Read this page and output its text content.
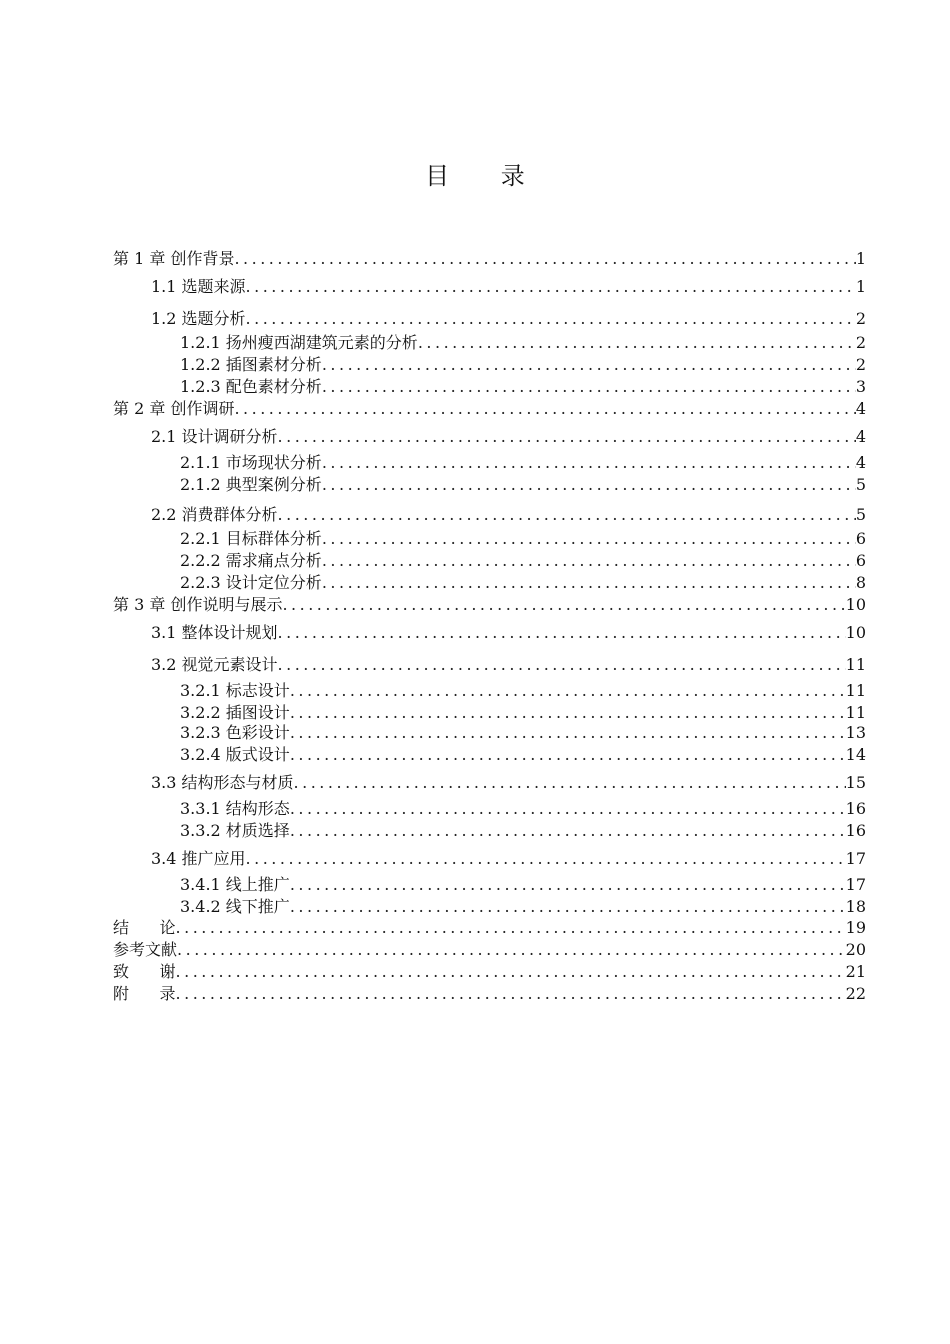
目 录
第 1 章 创作背景 .....	1
1.1 选题来源 .....	1
1.2 选题分析 .....	2
1.2.1 扬州瘦西湖建筑元素的分析 .....	2
1.2.2 插图素材分析 .....	2
1.2.3 配色素材分析 .....	3
第 2 章 创作调研 .....	4
2.1 设计调研分析 .....	4
2.1.1 市场现状分析 .....	4
2.1.2 典型案例分析 .....	5
2.2 消费群体分析 .....	5
2.2.1 目标群体分析 .....	6
2.2.2 需求痛点分析 .....	6
2.2.3 设计定位分析 .....	8
第 3 章 创作说明与展示 .....	10
3.1 整体设计规划 .....	10
3.2 视觉元素设计 .....	11
3.2.1 标志设计 .....	11
3.2.2 插图设计 .....	11
3.2.3 色彩设计 .....	13
3.2.4 版式设计 .....	14
3.3 结构形态与材质 .....	15
3.3.1 结构形态 .....	16
3.3.2 材质选择 .....	16
3.4 推广应用 .....	17
3.4.1 线上推广 .....	17
3.4.2 线下推广 .....	18
结      论 .....	19
参考文献 .....	20
致      谢 .....	21
附      录 .....	22
